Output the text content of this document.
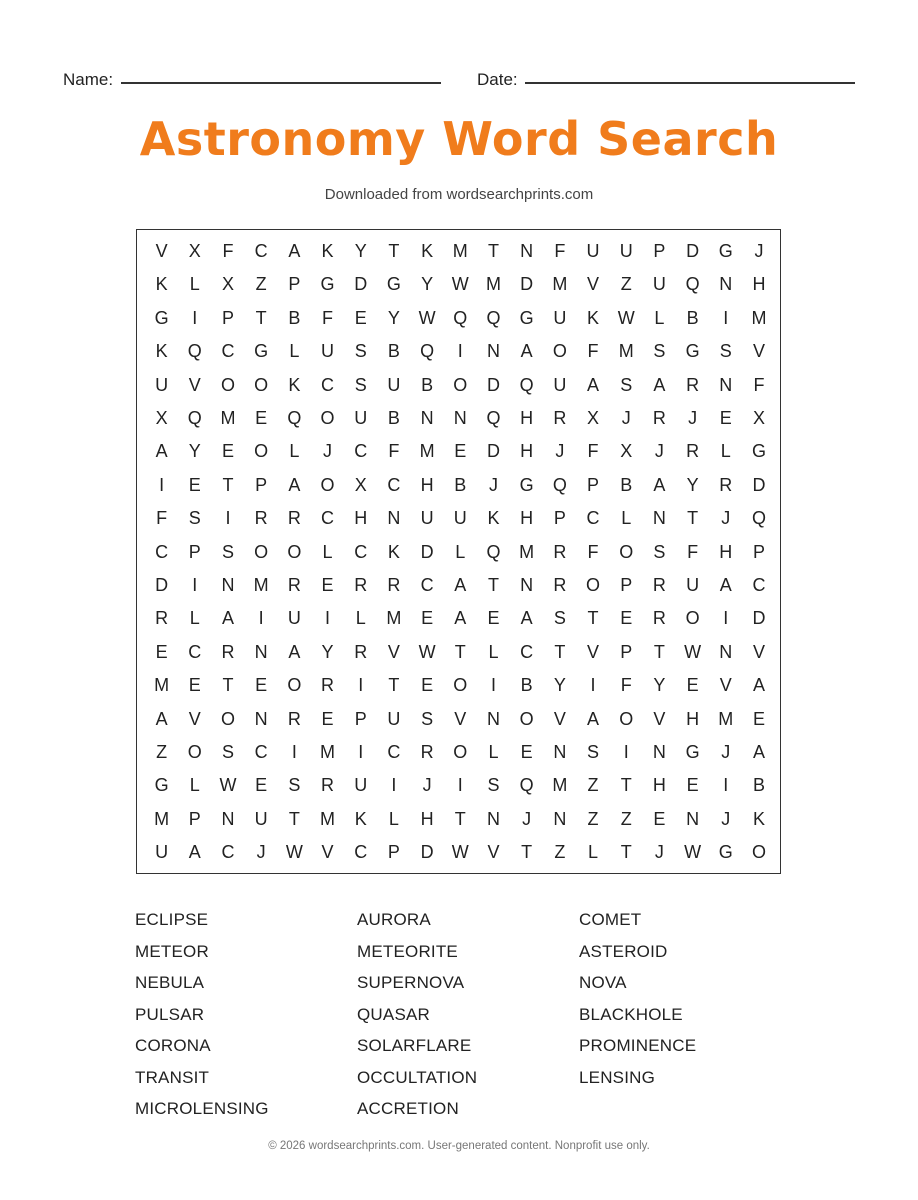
Name:	Date:
Astronomy Word Search
Downloaded from wordsearchprints.com
V	X	F	C	A	K	Y	T	K	M	T	N	F	U	U	P	D	G	J
K	L	X	Z	P	G	D	G	Y	W M	D	M	V	Z	U	Q	N	H
G	I	P	T	B	F	E	Y	W Q	Q	G	U	K	W	L	B	I	M
K	Q	C	G	L	U	S	B	Q	I	N	A	O	F	M	S	G	S	V
U	V	O	O	K	C	S	U	B	O	D	Q	U	A	S	A	R	N	F
X	Q	M	E	Q	O	U	B	N	N	Q	H	R	X	J	R	J	E	X
A	Y	E	O	L	J	C	F	M	E	D	H	J	F	X	J	R	L	G
I	E	T	P	A	O	X	C	H	B	J	G	Q	P	B	A	Y	R	D
F	S	I	R	R	C	H	N	U	U	K	H	P	C	L	N	T	J	Q
C	P	S	O	O	L	C	K	D	L	Q	M	R	F	O	S	F	H	P
D	I	N	M	R	E	R	R	C	A	T	N	R	O	P	R	U	A	C
R	L	A	I	U	I	L	M	E	A	E	A	S	T	E	R	O	I	D
E	C	R	N	A	Y	R	V	W	T	L	C	T	V	P	T	W	N	V
M	E	T	E	O	R	I	T	E	O	I	B	Y	I	F	Y	E	V	A
A	V	O	N	R	E	P	U	S	V	N	O	V	A	O	V	H	M	E
Z	O	S	C	I	M	I	C	R	O	L	E	N	S	I	N	G	J	A
G	L	W	E	S	R	U	I	J	I	S	Q	M	Z	T	H	E	I	B
M	P	N	U	T	M	K	L	H	T	N	J	N	Z	Z	E	N	J	K
U	A	C	J	W	V	C	P	D	W	V	T	Z	L	T	J	W G	O
ECLIPSE	AURORA	COMET
METEOR	METEORITE	ASTEROID
NEBULA	SUPERNOVA	NOVA
PULSAR	QUASAR	BLACKHOLE
CORONA	SOLARFLARE	PROMINENCE
TRANSIT	OCCULTATION	LENSING
MICROLENSING	ACCRETION
© 2026 wordsearchprints.com. User-generated content. Nonprofit use only.
